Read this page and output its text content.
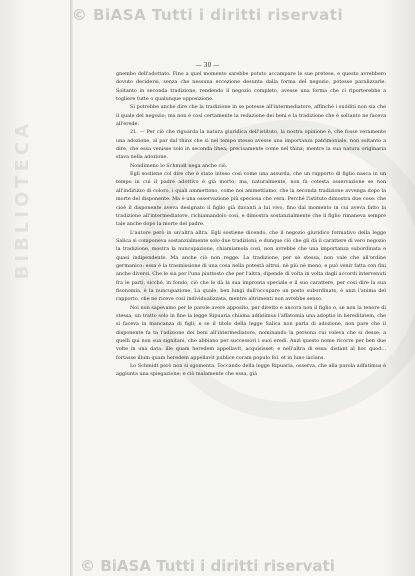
BIBLIOTECA
© BiASA Tutti i diritti riservati
— 30 —

gnembo dell'adottato. Fino a quel momento sarebbe potuto accampare le sue pretese, e questo avrebbero dovuto decidersi, senza che nessuna eccezione desunta dalla forma del negozio, potesse paralizzarle. Soltanto in seconda tradizione, rendendo il negozio completo, avesse una forma che ci riporterebbe a togliere tutte o qualunque opposizione.

Si potrebbe anche dire che la tradizione in se potesse all'intermediatore, affinché i sudditi non sia che il quale del negozio; ma non è così certamente la redazione dei beni e la tradizione che è soltanto ne faceva all'erede.

21. — Per ciò che riguarda la natura giuridica dell'istituto, la nostra opinione è, che fosse veramente una adozione, al par dal thinx che si nel tempo stesso avesse una importanza patrimoniale, non soltanto a dire, che essa venisse solo in seconda linea; precisamente come nel thinx; mentre la sua natura originaria stava nella adozione.

Nondimeno lo Schmidt nega anche ciò.

Egli sostiene col dire che è stato inteso così come una assurda, che un rapporto di figlio nasca in un tempo in cui il padre adottivo è già morto; ma, naturalmente, non fa cotesta osservazione se non all'indirizzo di coloro, i quali ammettono, come noi ammettiamo, che la seconda tradizione avvenga dopo la morte del disponente. Ma è una osservazione più speciosa che vera. Perché l'istituto dimostra due cose: che cioè il disponente aveva designato il figlio già davanti a lui vivo, fino dal momento in cui aveva fatto la tradizione all'intermediatore, richiamandolo così, e dimostra sostanzialmente che il figlio rimaneva sempre tale anche dopo la morte del padre.

L'autore però in un'altra altra. Egli sostiene dicendo, che il negozio giuridico formativo della legge Salica si componeva sostanzialmente solo due tradizioni; e dunque ciò che gli dà il carattere di vero negozio la tradizione, mostra la nuncupazione, chiamiamola così, non avrebbe che una importanza subordinata e quasi indipendente. Ma anche ciò non regge. La tradizione, per sè stessa, non vale che all'ordine germanico: essa è la trasmissione di una cosa nella potestà altrui, nè più nè meno, e può venir fatta con fini anche diversi. Che le sia per l'una piuttosto che per l'altra, dipende di volta in volta dagli accordi intervenuti fra le parti, sicché, in fondo, ciò che le dà la sua impronta speciale e il suo carattere, per così dire la sua fisonomia, è la nuncupazione. La quale, ben lungi dall'occupare un posto subordinato, è anzi l'anima del rapporto, che ne riceve così individualizzata, mentre altrimenti non avrebbe senso.

Noi non sapevamo per le parole avere apposito, per diretto e ancora non il figlio e, se non la tenore di stessa, un tratto solo in fine la legge Ripuaria chiama adfatimus l'affatomia una adoptio in hereditatem, che si faceva in mancanza di figli; e se il titolo della legge Salica non parla di adozione, non pare che il disponente fa ta l'adizione dei beni all'intermediatore, nominando la persona cui voleva che si desse; a quelli qui non sua signitani, che abbiano per successori i suoi eredi. Anzi questo nome ricorre per ben due volte in una data: ille quam heredem appellavit, acquisisset; e nell'altra di essa: distant al hoc quod... fortasse illum quam heredem appellavit publice coram populo fol. et in luno iacians.

Lo Schmidt però non si sgomenta. Toccando della legge Ripuaria, osserva, che alla parola adfatimus è aggiunta una spiegazione; e ciò malamente che essa, già

© BiASA Tutti i diritti riservati
